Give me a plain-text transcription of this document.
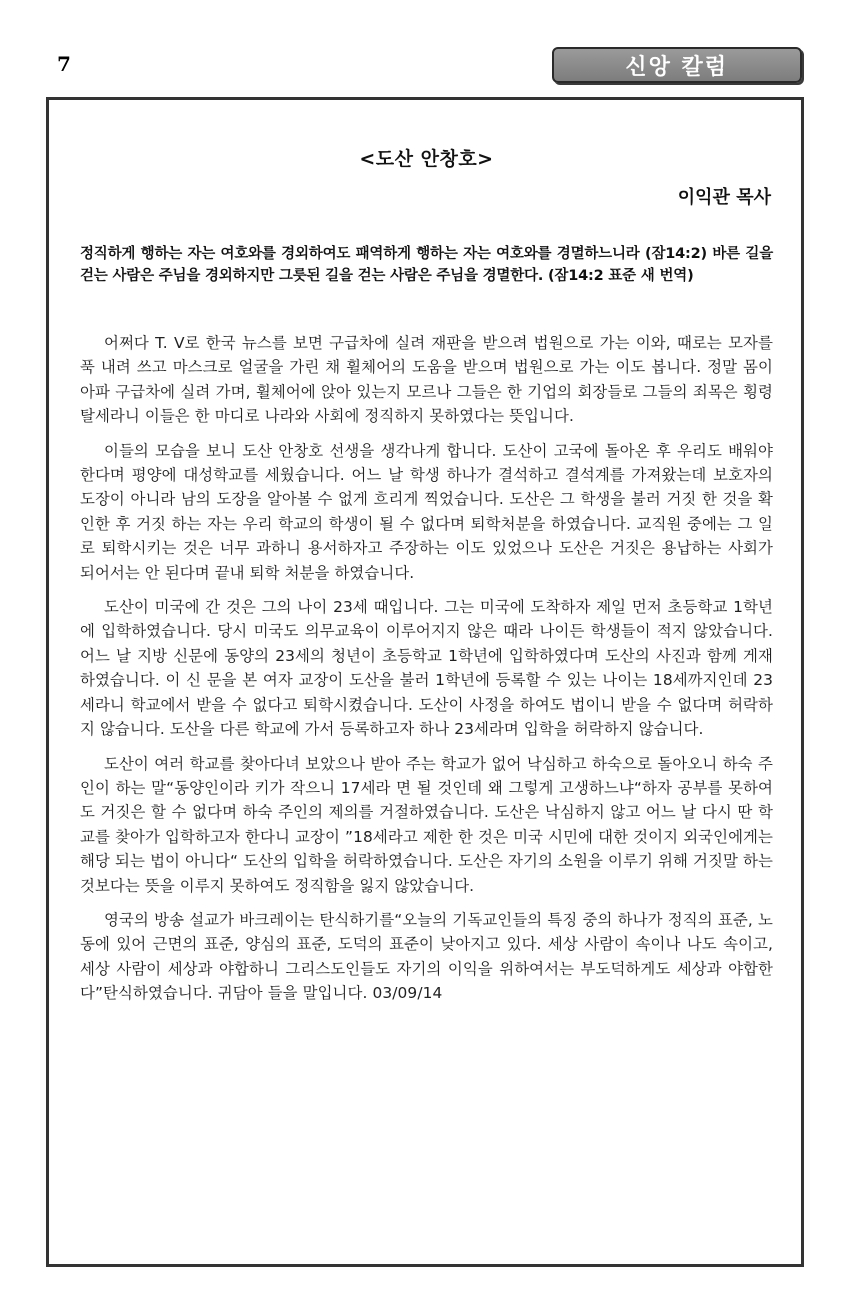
7	신앙 칼럼
<도산 안창호>
이익관 목사
정직하게 행하는 자는 여호와를 경외하여도 패역하게 행하는 자는 여호와를 경멸하느니라 (잠14:2) 바른 길을 걷는 사람은 주님을 경외하지만 그릇된 길을 걷는 사람은 주님을 경멸한다. (잠14:2 표준 새 번역)

어쩌다 T. V로 한국 뉴스를 보면 구급차에 실려 재판을 받으려 법원으로 가는 이와, 때로는 모자를 푹 내려 쓰고 마스크로 얼굴을 가린 채 휠체어의 도움을 받으며 법원으로 가는 이도 봅니다. 정말 몸이 아파 구급차에 실려 가며, 휠체어에 앉아 있는지 모르나 그들은 한 기업의 회장들로 그들의 죄목은 횡령 탈세라니 이들은 한 마디로 나라와 사회에 정직하지 못하였다는 뜻입니다.

이들의 모습을 보니 도산 안창호 선생을 생각나게 합니다. 도산이 고국에 돌아온 후 우리도 배워야 한다며 평양에 대성학교를 세웠습니다. 어느 날 학생 하나가 결석하고 결석계를 가져왔는데 보호자의 도장이 아니라 남의 도장을 알아볼 수 없게 흐리게 찍었습니다. 도산은 그 학생을 불러 거짓 한 것을 확인한 후 거짓 하는 자는 우리 학교의 학생이 될 수 없다며 퇴학처분을 하였습니다. 교직원 중에는 그 일로 퇴학시키는 것은 너무 과하니 용서하자고 주장하는 이도 있었으나 도산은 거짓은 용납하는 사회가 되어서는 안 된다며 끝내 퇴학 처분을 하였습니다.

도산이 미국에 간 것은 그의 나이 23세 때입니다. 그는 미국에 도착하자 제일 먼저 초등학교 1학년에 입학하였습니다. 당시 미국도 의무교육이 이루어지지 않은 때라 나이든 학생들이 적지 않았습니다. 어느 날 지방 신문에 동양의 23세의 청년이 초등학교 1학년에 입학하였다며 도산의 사진과 함께 게재 하였습니다. 이 신 문을 본 여자 교장이 도산을 불러 1학년에 등록할 수 있는 나이는 18세까지인데 23세라니 학교에서 받을 수 없다고 퇴학시켰습니다. 도산이 사정을 하여도 법이니 받을 수 없다며 허락하지 않습니다. 도산을 다른 학교에 가서 등록하고자 하나 23세라며 입학을 허락하지 않습니다.

도산이 여러 학교를 찾아다녀 보았으나 받아 주는 학교가 없어 낙심하고 하숙으로 돌아오니 하숙 주인이 하는 말“동양인이라 키가 작으니 17세라 면 될 것인데 왜 그렇게 고생하느냐“하자 공부를 못하여도 거짓은 할 수 없다며 하숙 주인의 제의를 거절하였습니다. 도산은 낙심하지 않고 어느 날 다시 딴 학교를 찾아가 입학하고자 한다니 교장이 ”18세라고 제한 한 것은 미국 시민에 대한 것이지 외국인에게는 해당 되는 법이 아니다“ 도산의 입학을 허락하였습니다. 도산은 자기의 소원을 이루기 위해 거짓말 하는 것보다는 뜻을 이루지 못하여도 정직함을 잃지 않았습니다.

영국의 방송 설교가 바크레이는 탄식하기를“오늘의 기독교인들의 특징 중의 하나가 정직의 표준, 노동에 있어 근면의 표준, 양심의 표준, 도덕의 표준이 낮아지고 있다. 세상 사람이 속이나 나도 속이고, 세상 사람이 세상과 야합하니 그리스도인들도 자기의 이익을 위하여서는 부도덕하게도 세상과 야합한다”탄식하였습니다. 귀담아 들을 말입니다. 03/09/14
